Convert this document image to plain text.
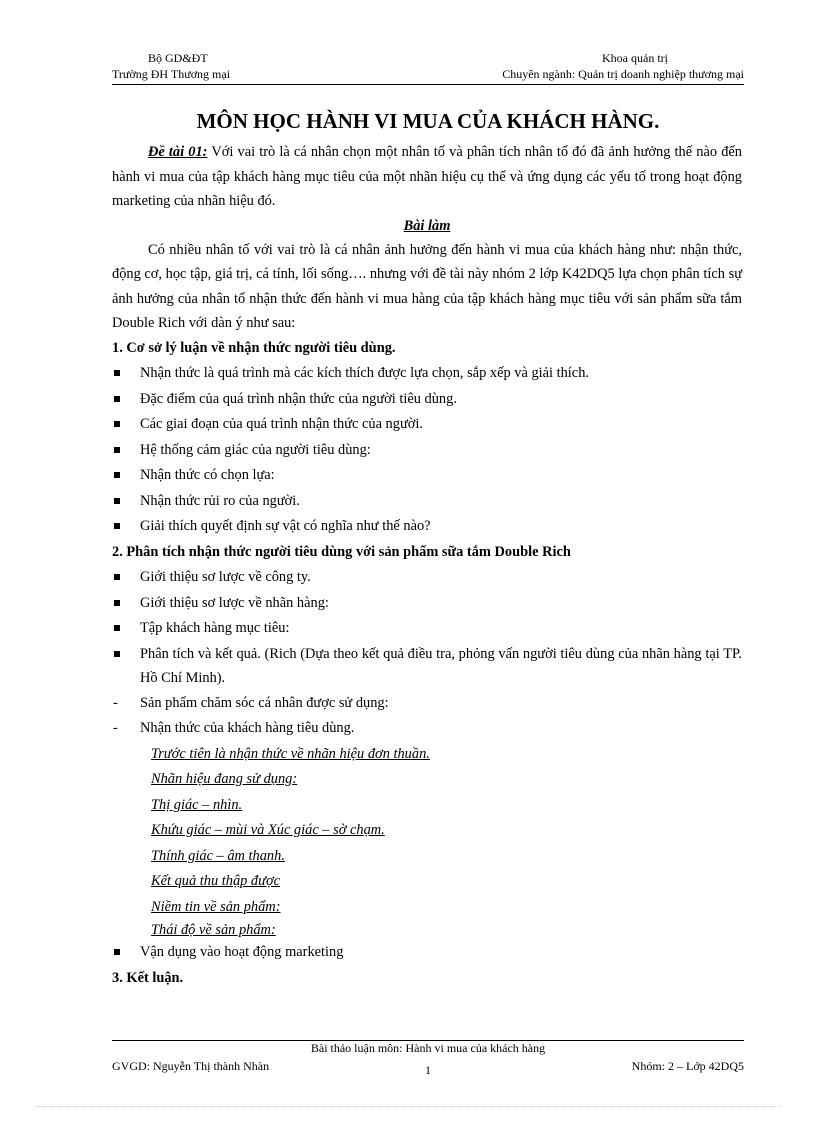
Bộ GD&ĐT	Khoa quản trị
Trường ĐH Thương mại	Chuyên ngành: Quản trị doanh nghiệp thương mại
MÔN HỌC HÀNH VI MUA CỦA KHÁCH HÀNG.

Đề tài 01: Với vai trò là cá nhân chọn một nhân tố và phân tích nhân tố đó đã ảnh hưởng thế nào đến hành vi mua của tập khách hàng mục tiêu của một nhãn hiệu cụ thể và ứng dụng các yếu tố trong hoạt động marketing của nhãn hiệu đó.

Bài làm

Có nhiều nhân tố với vai trò là cá nhân ảnh hưởng đến hành vi mua của khách hàng như: nhận thức, động cơ, học tập, giá trị, cá tính, lối sống…. nhưng với đề tài này nhóm 2 lớp K42DQ5 lựa chọn phân tích sự ảnh hưởng của nhân tố nhận thức đến hành vi mua hàng của tập khách hàng mục tiêu với sản phẩm sữa tắm Double Rich với dàn ý như sau:

1. Cơ sở lý luận về nhận thức người tiêu dùng.

Nhận thức là quá trình mà các kích thích được lựa chọn, sắp xếp và giải thích.
Đặc điểm của quá trình nhận thức của người tiêu dùng.
Các giai đoạn của quá trình nhận thức của người.
Hệ thống cảm giác của người tiêu dùng:
Nhận thức có chọn lựa:
Nhận thức rủi ro của người.
Giải thích quyết định sự vật có nghĩa như thế nào?

2. Phân tích nhận thức người tiêu dùng với sản phẩm sữa tắm Double Rich

Giới thiệu sơ lược về công ty.
Giới thiệu sơ lược về nhãn hàng:
Tập khách hàng mục tiêu:
Phân tích và kết quả. (Rich (Dựa theo kết quả điều tra, phỏng vấn người tiêu dùng của nhãn hàng tại TP. Hồ Chí Minh).
- Sản phẩm chăm sóc cá nhân được sử dụng:
- Nhận thức của khách hàng tiêu dùng.

Trước tiên là nhận thức về nhãn hiệu đơn thuần.

Nhãn hiệu đang sử dụng:

Thị giác – nhìn.

Khứu giác – mùi và Xúc giác – sờ chạm.

Thính giác – âm thanh.

Kết quả thu thập được

Niềm tin về sản phẩm:

Thái độ về sản phẩm:

Vận dụng vào hoạt động marketing

3. Kết luận.

Bài thảo luận môn: Hành vi mua của khách hàng
GVGD: Nguyễn Thị thành Nhàn	1	Nhóm: 2 – Lớp 42DQ5
